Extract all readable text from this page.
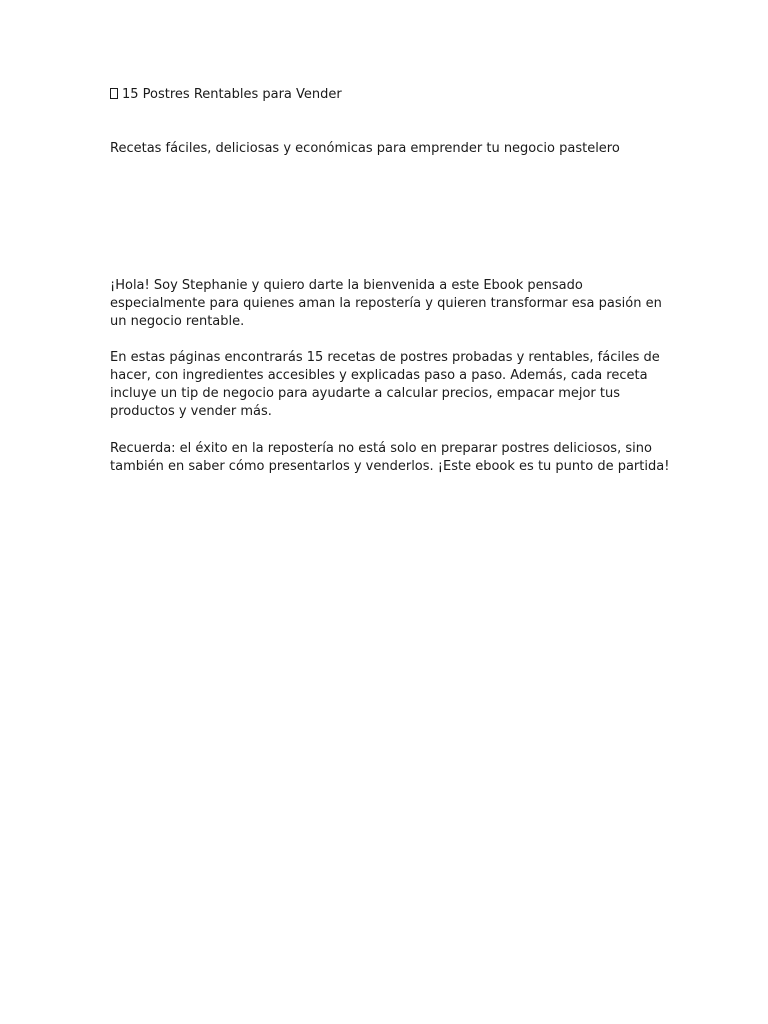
15 Postres Rentables para Vender

Recetas fáciles, deliciosas y económicas para emprender tu negocio pastelero

¡Hola! Soy Stephanie y quiero darte la bienvenida a este Ebook pensado especialmente para quienes aman la repostería y quieren transformar esa pasión en un negocio rentable.

En estas páginas encontrarás 15 recetas de postres probadas y rentables, fáciles de hacer, con ingredientes accesibles y explicadas paso a paso. Además, cada receta incluye un tip de negocio para ayudarte a calcular precios, empacar mejor tus productos y vender más.

Recuerda: el éxito en la repostería no está solo en preparar postres deliciosos, sino también en saber cómo presentarlos y venderlos. ¡Este ebook es tu punto de partida!
